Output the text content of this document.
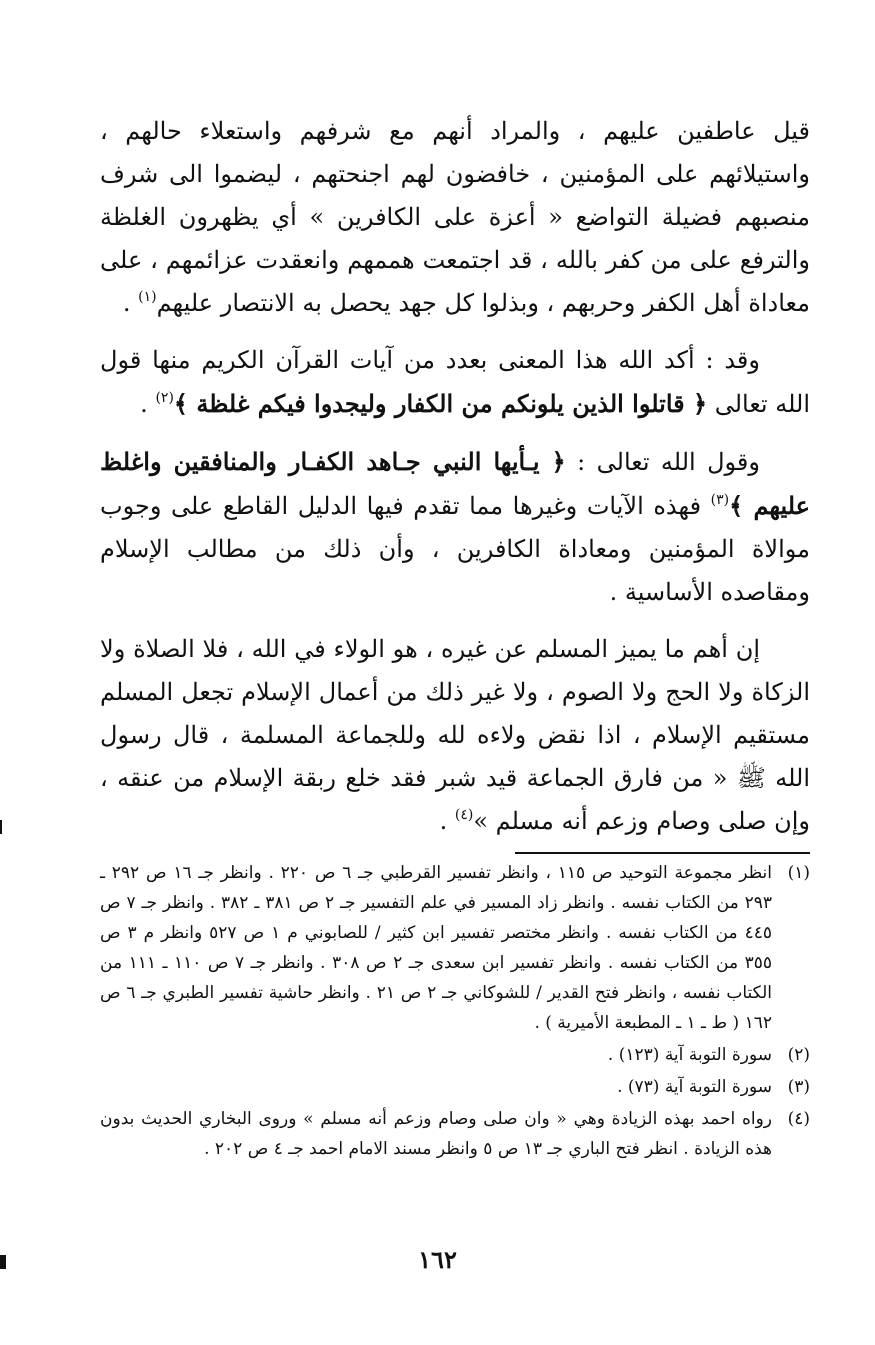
قيل عاطفين عليهم ، والمراد أنهم مع شرفهم واستعلاء حالهم ، واستيلائهم على المؤمنين ، خافضون لهم اجنحتهم ، ليضموا الى شرف منصبهم فضيلة التواضع « أعزة على الكافرين » أي يظهرون الغلظة والترفع على من كفر بالله ، قد اجتمعت هممهم وانعقدت عزائمهم ، على معاداة أهل الكفر وحربهم ، وبذلوا كل جهد يحصل به الانتصار عليهم$^{(١)}$ .

وقد : أكد الله هذا المعنى بعدد من آيات القرآن الكريم منها قول الله تعالى ﴿ قاتلوا الذين يلونكم من الكفار وليجدوا فيكم غلظة ﴾$^{(٢)}$ .

وقول الله تعالى : ﴿ يـأيها النبي جـاهد الكفـار والمنافقين واغلظ عليهم ﴾$^{(٣)}$ فهذه الآيات وغيرها مما تقدم فيها الدليل القاطع على وجوب موالاة المؤمنين ومعاداة الكافرين ، وأن ذلك من مطالب الإسلام ومقاصده الأساسية .

إن أهم ما يميز المسلم عن غيره ، هو الولاء في الله ، فلا الصلاة ولا الزكاة ولا الحج ولا الصوم ، ولا غير ذلك من أعمال الإسلام تجعل المسلم مستقيم الإسلام ، اذا نقض ولاءه لله وللجماعة المسلمة ، قال رسول الله ﷺ « من فارق الجماعة قيد شبر فقد خلع ربقة الإسلام من عنقه ، وإن صلى وصام وزعم أنه مسلم »$^{(٤)}$ .

(١)
انظر مجموعة التوحيد ص ١١٥ ، وانظر تفسير القرطبي جـ ٦ ص ٢٢٠ . وانظر جـ ١٦ ص ٢٩٢ ـ ٢٩٣ من الكتاب نفسه . وانظر زاد المسير في علم التفسير جـ ٢ ص ٣٨١ ـ ٣٨٢ . وانظر جـ ٧ ص ٤٤٥ من الكتاب نفسه . وانظر مختصر تفسير ابن كثير / للصابوني م ١ ص ٥٢٧ وانظر م ٣ ص ٣٥٥ من الكتاب نفسه . وانظر تفسير ابن سعدى جـ ٢ ص ٣٠٨ . وانظر جـ ٧ ص ١١٠ ـ ١١١ من الكتاب نفسه ، وانظر فتح القدير / للشوكاني جـ ٢ ص ٢١ . وانظر حاشية تفسير الطبري جـ ٦ ص ١٦٢ ( ط ـ ١ ـ المطبعة الأميرية ) .
(٢)
سورة التوبة آية (١٢٣) .
(٣)
سورة التوبة آية (٧٣) .
(٤)
رواه احمد بهذه الزيادة وهي « وان صلى وصام وزعم أنه مسلم » وروى البخاري الحديث بدون هذه الزيادة . انظر فتح الباري جـ ١٣ ص ٥ وانظر مسند الامام احمد جـ ٤ ص ٢٠٢ .
١٦٢
